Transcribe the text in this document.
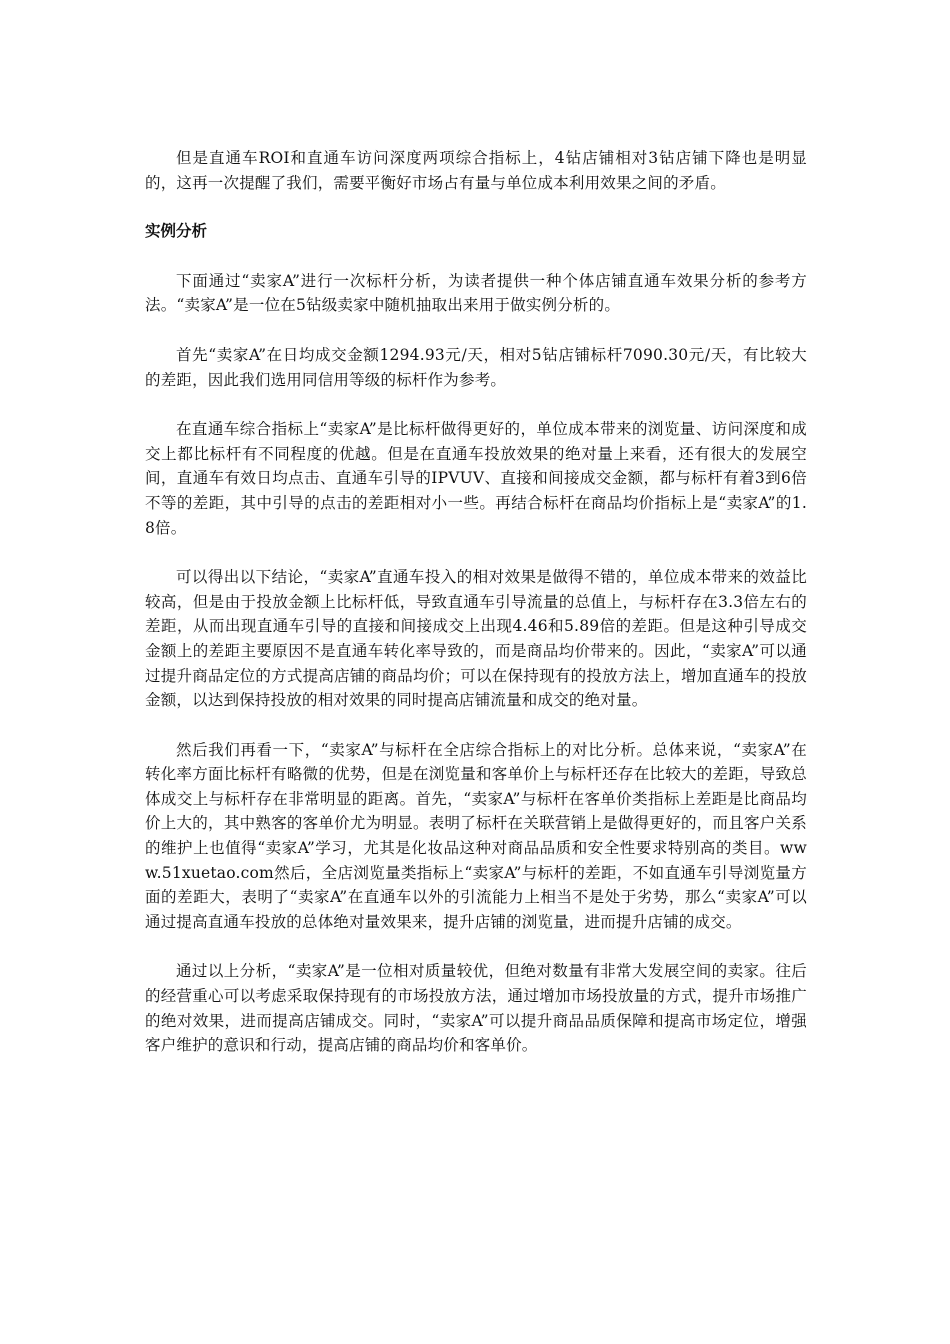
但是直通车ROI和直通车访问深度两项综合指标上，4钻店铺相对3钻店铺下降也是明显的，这再一次提醒了我们，需要平衡好市场占有量与单位成本利用效果之间的矛盾。

实例分析

下面通过“卖家A”进行一次标杆分析，为读者提供一种个体店铺直通车效果分析的参考方法。“卖家A”是一位在5钻级卖家中随机抽取出来用于做实例分析的。

首先“卖家A”在日均成交金额1294.93元/天，相对5钻店铺标杆7090.30元/天，有比较大的差距，因此我们选用同信用等级的标杆作为参考。

在直通车综合指标上“卖家A”是比标杆做得更好的，单位成本带来的浏览量、访问深度和成交上都比标杆有不同程度的优越。但是在直通车投放效果的绝对量上来看，还有很大的发展空间，直通车有效日均点击、直通车引导的IPVUV、直接和间接成交金额，都与标杆有着3到6倍不等的差距，其中引导的点击的差距相对小一些。再结合标杆在商品均价指标上是“卖家A”的1.8倍。

可以得出以下结论，“卖家A”直通车投入的相对效果是做得不错的，单位成本带来的效益比较高，但是由于投放金额上比标杆低，导致直通车引导流量的总值上，与标杆存在3.3倍左右的差距，从而出现直通车引导的直接和间接成交上出现4.46和5.89倍的差距。但是这种引导成交金额上的差距主要原因不是直通车转化率导致的，而是商品均价带来的。因此，“卖家A”可以通过提升商品定位的方式提高店铺的商品均价；可以在保持现有的投放方法上，增加直通车的投放金额，以达到保持投放的相对效果的同时提高店铺流量和成交的绝对量。

然后我们再看一下，“卖家A”与标杆在全店综合指标上的对比分析。总体来说，“卖家A”在转化率方面比标杆有略微的优势，但是在浏览量和客单价上与标杆还存在比较大的差距，导致总体成交上与标杆存在非常明显的距离。首先，“卖家A”与标杆在客单价类指标上差距是比商品均价上大的，其中熟客的客单价尤为明显。表明了标杆在关联营销上是做得更好的，而且客户关系的维护上也值得“卖家A”学习，尤其是化妆品这种对商品品质和安全性要求特别高的类目。www.51xuetao.com然后，全店浏览量类指标上“卖家A”与标杆的差距，不如直通车引导浏览量方面的差距大，表明了“卖家A”在直通车以外的引流能力上相当不是处于劣势，那么“卖家A”可以通过提高直通车投放的总体绝对量效果来，提升店铺的浏览量，进而提升店铺的成交。

通过以上分析，“卖家A”是一位相对质量较优，但绝对数量有非常大发展空间的卖家。往后的经营重心可以考虑采取保持现有的市场投放方法，通过增加市场投放量的方式，提升市场推广的绝对效果，进而提高店铺成交。同时，“卖家A”可以提升商品品质保障和提高市场定位，增强客户维护的意识和行动，提高店铺的商品均价和客单价。
